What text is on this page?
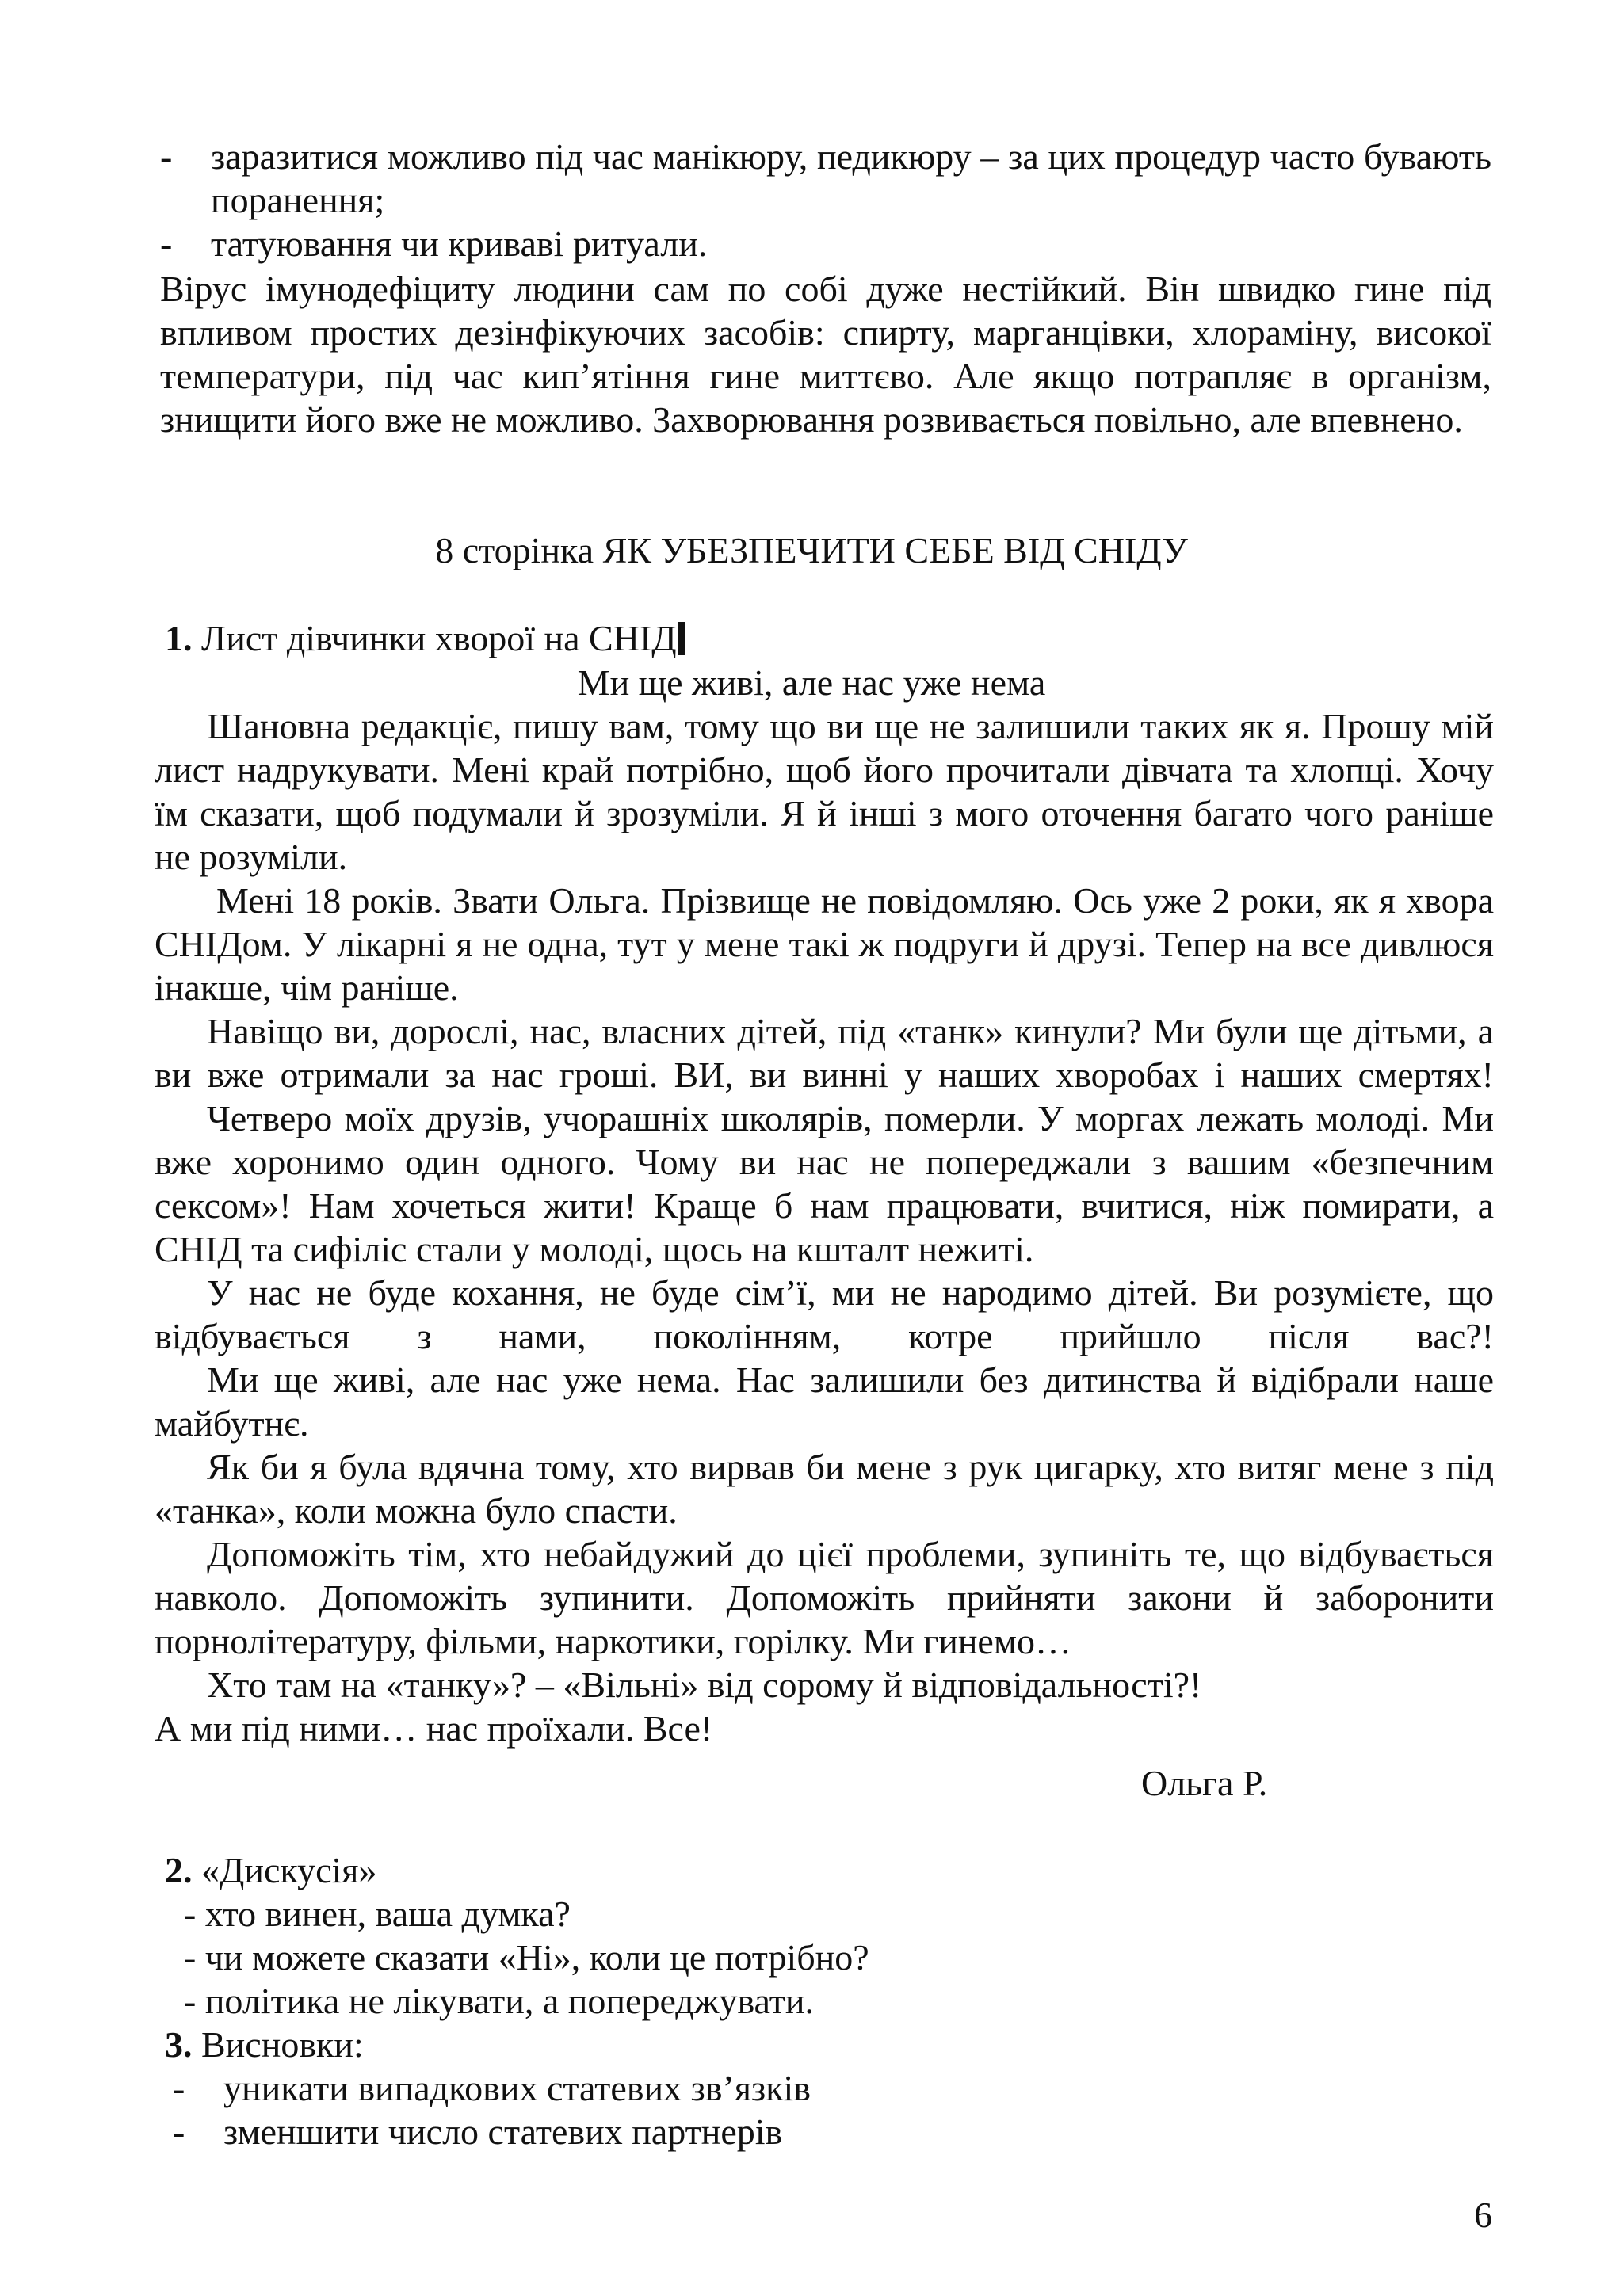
- заразитися можливо під час манікюру, педикюру – за цих процедур часто бувають поранення;
- татуювання чи криваві ритуали.
Вірус імунодефіциту людини сам по собі дуже нестійкий. Він швидко гине під впливом простих дезінфікуючих засобів: спирту, марганцівки, хлораміну, високої температури, під час кип’ятіння гине миттєво. Але якщо потрапляє в організм, знищити його вже не можливо. Захворювання розвивається повільно, але впевнено.
8 сторінка ЯК УБЕЗПЕЧИТИ СЕБЕ ВІД СНІДУ
1. Лист дівчинки хворої на СНІД
Ми ще живі, але нас уже нема

Шановна редакціє, пишу вам, тому що ви ще не залишили таких як я. Прошу мій лист надрукувати. Мені край потрібно, щоб його прочитали дівчата та хлопці. Хочу їм сказати, щоб подумали й зрозуміли. Я й інші з мого оточення багато чого раніше не розуміли.

Мені 18 років. Звати Ольга. Прізвище не повідомляю. Ось уже 2 роки, як я хвора СНІДом. У лікарні я не одна, тут у мене такі ж подруги й друзі. Тепер на все дивлюся інакше, чім раніше.

Навіщо ви, дорослі, нас, власних дітей, під «танк» кинули? Ми були ще дітьми, а ви вже отримали за нас гроші. ВИ, ви винні у наших хворобах і наших смертях!

Четверо моїх друзів, учорашніх школярів, померли. У моргах лежать молоді. Ми вже хоронимо один одного. Чому ви нас не попереджали з вашим «безпечним сексом»! Нам хочеться жити! Краще б нам працювати, вчитися, ніж помирати, а СНІД та сифіліс стали у молоді, щось на кшталт нежиті.

У нас не буде кохання, не буде сім’ї, ми не народимо дітей. Ви розумієте, що відбувається з нами, поколінням, котре прийшло після вас?!

Ми ще живі, але нас уже нема. Нас залишили без дитинства й відібрали наше майбутнє.

Як би я була вдячна тому, хто вирвав би мене з рук цигарку, хто витяг мене з під «танка», коли можна було спасти.

Допоможіть тім, хто небайдужий до цієї проблеми, зупиніть те, що відбувається навколо. Допоможіть зупинити. Допоможіть прийняти закони й заборонити порнолітературу, фільми, наркотики, горілку. Ми гинемо…

Хто там на «танку»? – «Вільні» від сорому й відповідальності?!

А ми під ними… нас проїхали. Все!

Ольга Р.
2. «Дискусія»
- хто винен, ваша думка?
- чи можете сказати «Ні», коли це потрібно?
- політика не лікувати, а попереджувати.
3. Висновки:
- уникати випадкових статевих зв’язків
- зменшити число статевих партнерів
6
